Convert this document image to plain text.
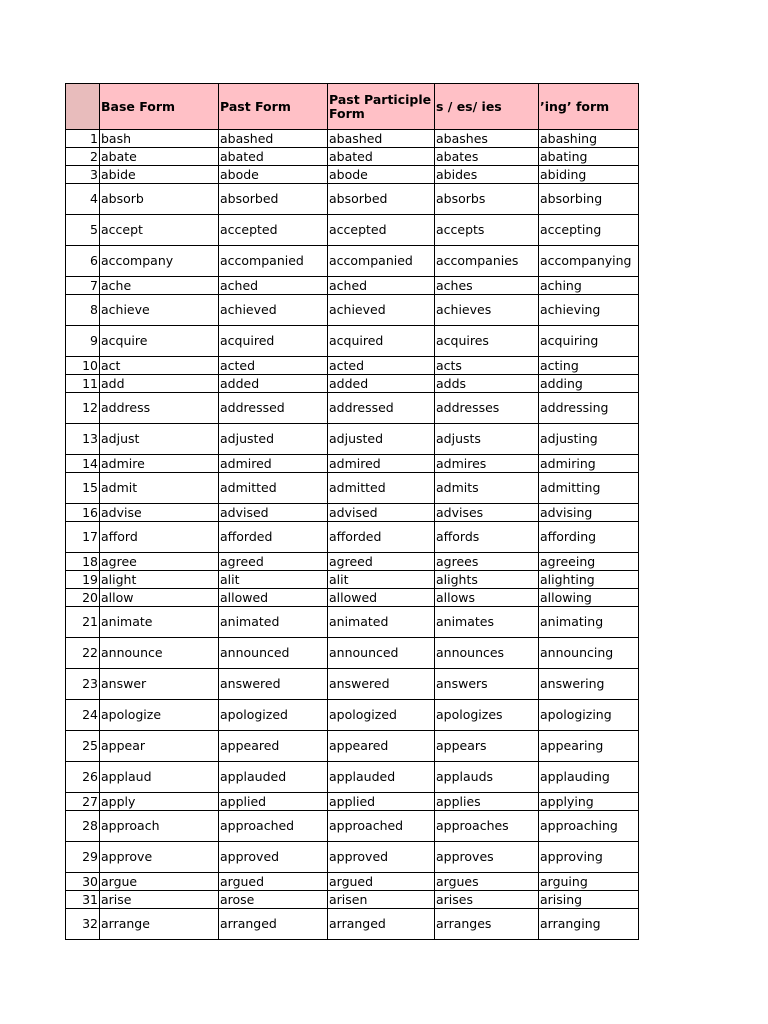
	Base Form	Past Form	Past Participle Form	s / es/ ies	’ing’ form
1	bash	abashed	abashed	abashes	abashing
2	abate	abated	abated	abates	abating
3	abide	abode	abode	abides	abiding
4	absorb	absorbed	absorbed	absorbs	absorbing
5	accept	accepted	accepted	accepts	accepting
6	accompany	accompanied	accompanied	accompanies	accompanying
7	ache	ached	ached	aches	aching
8	achieve	achieved	achieved	achieves	achieving
9	acquire	acquired	acquired	acquires	acquiring
10	act	acted	acted	acts	acting
11	add	added	added	adds	adding
12	address	addressed	addressed	addresses	addressing
13	adjust	adjusted	adjusted	adjusts	adjusting
14	admire	admired	admired	admires	admiring
15	admit	admitted	admitted	admits	admitting
16	advise	advised	advised	advises	advising
17	afford	afforded	afforded	affords	affording
18	agree	agreed	agreed	agrees	agreeing
19	alight	alit	alit	alights	alighting
20	allow	allowed	allowed	allows	allowing
21	animate	animated	animated	animates	animating
22	announce	announced	announced	announces	announcing
23	answer	answered	answered	answers	answering
24	apologize	apologized	apologized	apologizes	apologizing
25	appear	appeared	appeared	appears	appearing
26	applaud	applauded	applauded	applauds	applauding
27	apply	applied	applied	applies	applying
28	approach	approached	approached	approaches	approaching
29	approve	approved	approved	approves	approving
30	argue	argued	argued	argues	arguing
31	arise	arose	arisen	arises	arising
32	arrange	arranged	arranged	arranges	arranging
